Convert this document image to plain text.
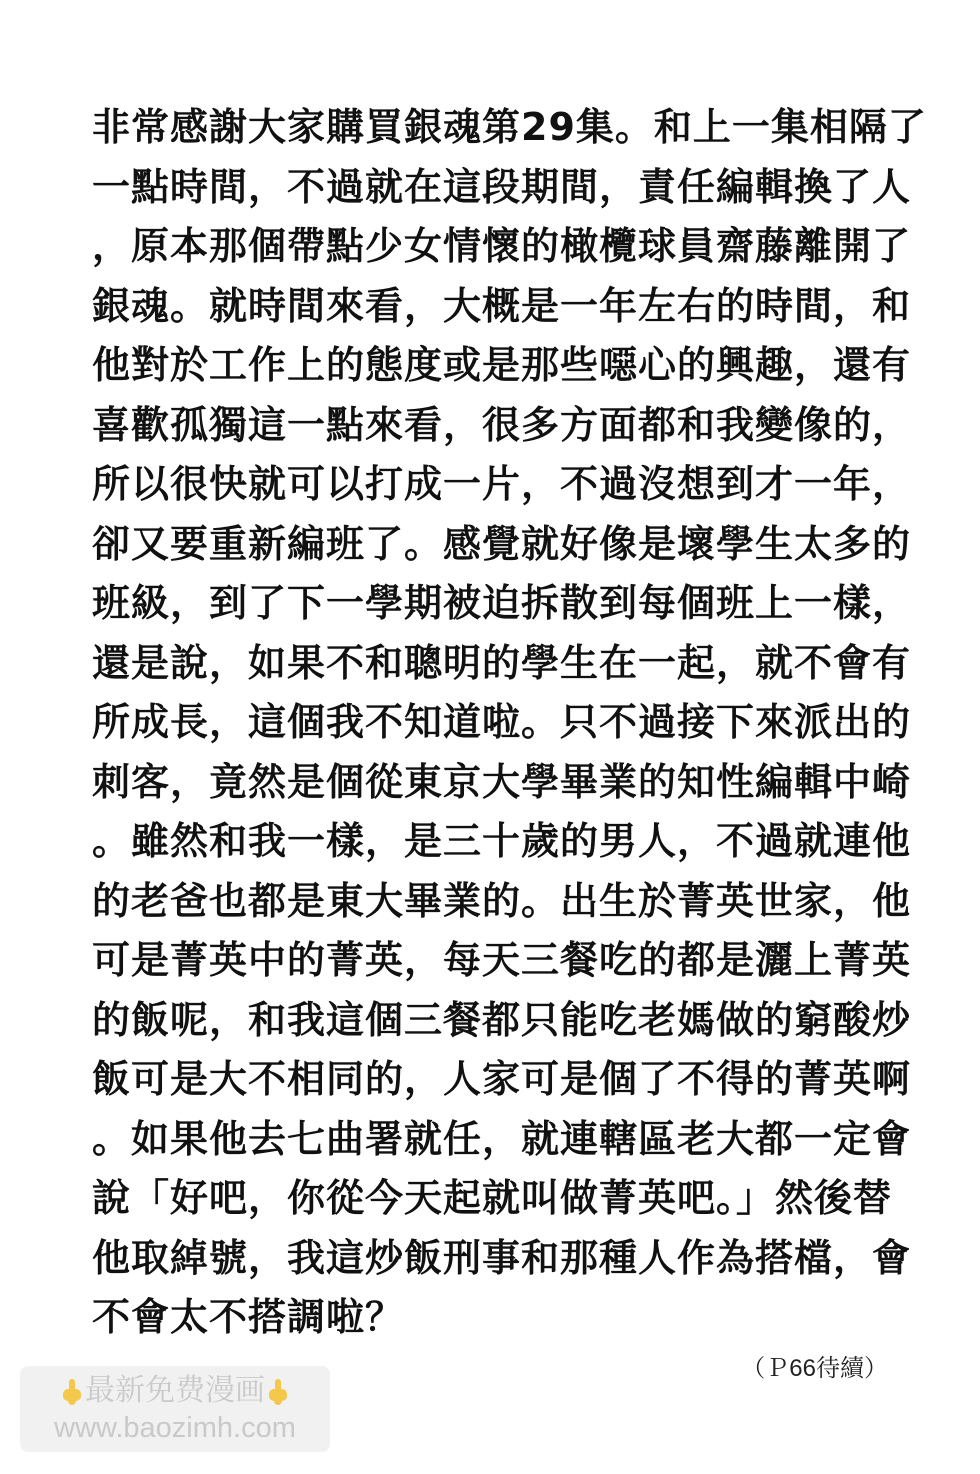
非常感謝大家購買銀魂第29集。和上一集相隔了
一點時間，不過就在這段期間，責任編輯換了人
，原本那個帶點少女情懷的橄欖球員齋藤離開了
銀魂。就時間來看，大概是一年左右的時間，和
他對於工作上的態度或是那些噁心的興趣，還有
喜歡孤獨這一點來看，很多方面都和我變像的，
所以很快就可以打成一片，不過沒想到才一年，
卻又要重新編班了。感覺就好像是壞學生太多的
班級，到了下一學期被迫拆散到每個班上一樣，
還是說，如果不和聰明的學生在一起，就不會有
所成長，這個我不知道啦。只不過接下來派出的
刺客，竟然是個從東京大學畢業的知性編輯中崎
。雖然和我一樣，是三十歲的男人，不過就連他
的老爸也都是東大畢業的。出生於菁英世家，他
可是菁英中的菁英，每天三餐吃的都是灑上菁英
的飯呢，和我這個三餐都只能吃老媽做的窮酸炒
飯可是大不相同的，人家可是個了不得的菁英啊
。如果他去七曲署就任，就連轄區老大都一定會
說「好吧，你從今天起就叫做菁英吧。」然後替
他取綽號，我這炒飯刑事和那種人作為搭檔，會
不會太不搭調啦？
（Ｐ66待續）
最新免费漫画
www.baozimh.com
